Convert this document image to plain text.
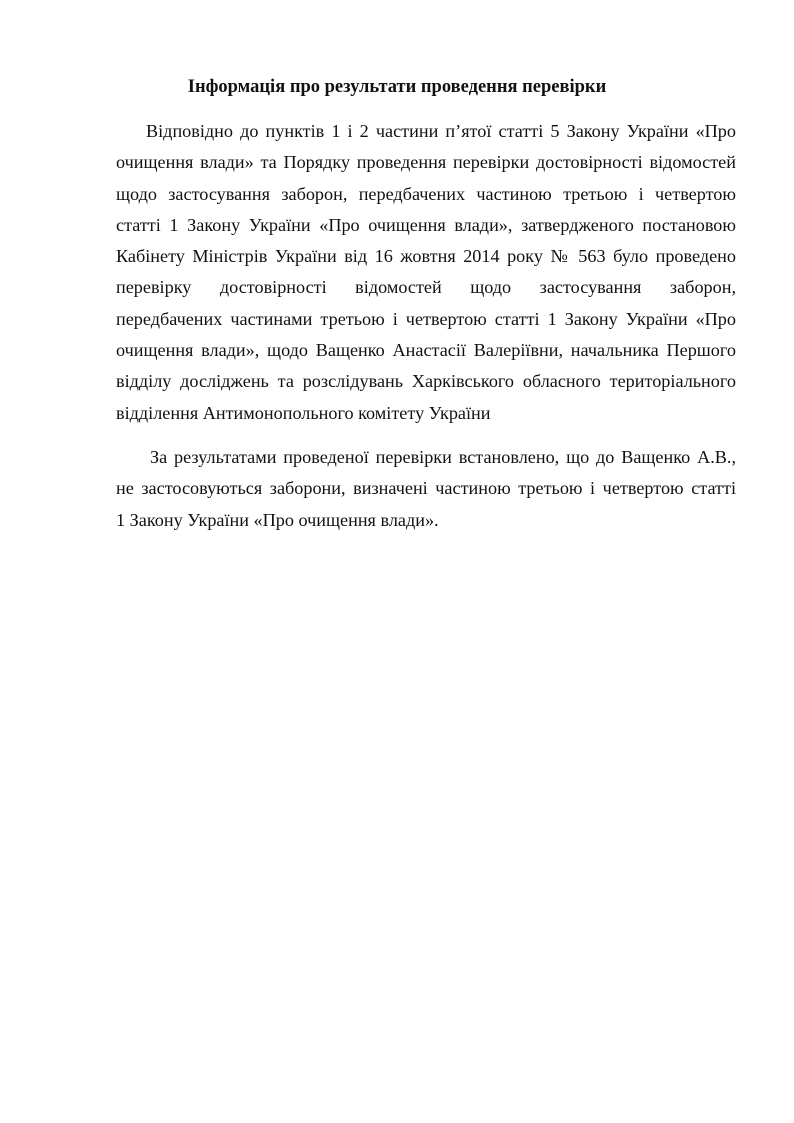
Інформація про результати проведення перевірки
Відповідно до пунктів 1 і 2 частини п’ятої статті 5 Закону України «Про
очищення влади» та Порядку проведення перевірки достовірності відомостей
щодо застосування заборон, передбачених частиною третьою і четвертою
статті 1 Закону України «Про очищення влади», затвердженого постановою
Кабінету Міністрів України від 16 жовтня 2014 року № 563 було проведено
перевірку достовірності відомостей щодо застосування заборон,
передбачених частинами третьою і четвертою статті 1 Закону України «Про
очищення влади», щодо Ващенко Анастасії Валеріївни, начальника Першого
відділу досліджень та розслідувань Харківського обласного територіального
відділення Антимонопольного комітету України
За результатами проведеної перевірки встановлено, що до Ващенко А.В.,
не застосовуються заборони, визначені частиною третьою і четвертою статті
1 Закону України «Про очищення влади».
